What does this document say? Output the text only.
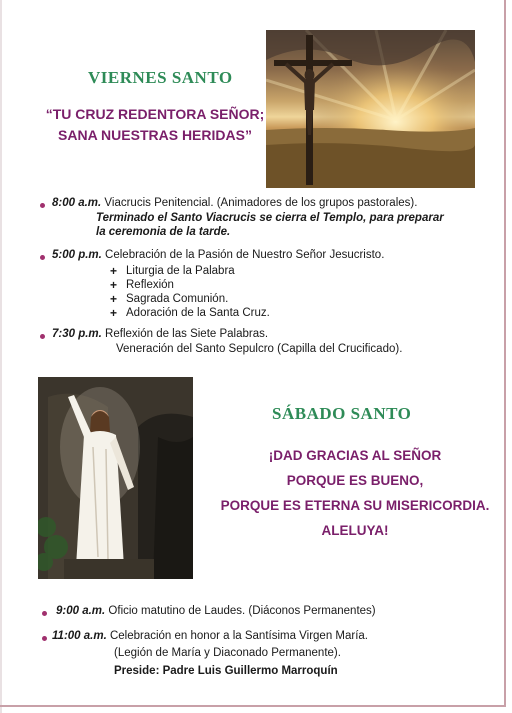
VIERNES SANTO
“TU CRUZ REDENTORA SEÑOR;
SANA NUESTRAS HERIDAS”
8:00 a.m. Viacrucis Penitencial. (Animadores de los grupos pastorales).
Terminado el Santo Viacrucis se cierra el Templo, para preparar
la ceremonia de la tarde.
5:00 p.m. Celebración de la Pasión de Nuestro Señor Jesucristo.
+ Liturgia de la Palabra
+ Reflexión
+ Sagrada Comunión.
+ Adoración de la Santa Cruz.
7:30 p.m. Reflexión de las Siete Palabras.
Veneración del Santo Sepulcro (Capilla del Crucificado).
SÁBADO SANTO
¡DAD GRACIAS AL SEÑOR
PORQUE ES BUENO,
PORQUE ES ETERNA SU MISERICORDIA.
ALELUYA!
9:00 a.m. Oficio matutino de Laudes. (Diáconos Permanentes)
11:00 a.m. Celebración en honor a la Santísima Virgen María.
(Legión de María y Diaconado Permanente).
Preside: Padre Luis Guillermo Marroquín
